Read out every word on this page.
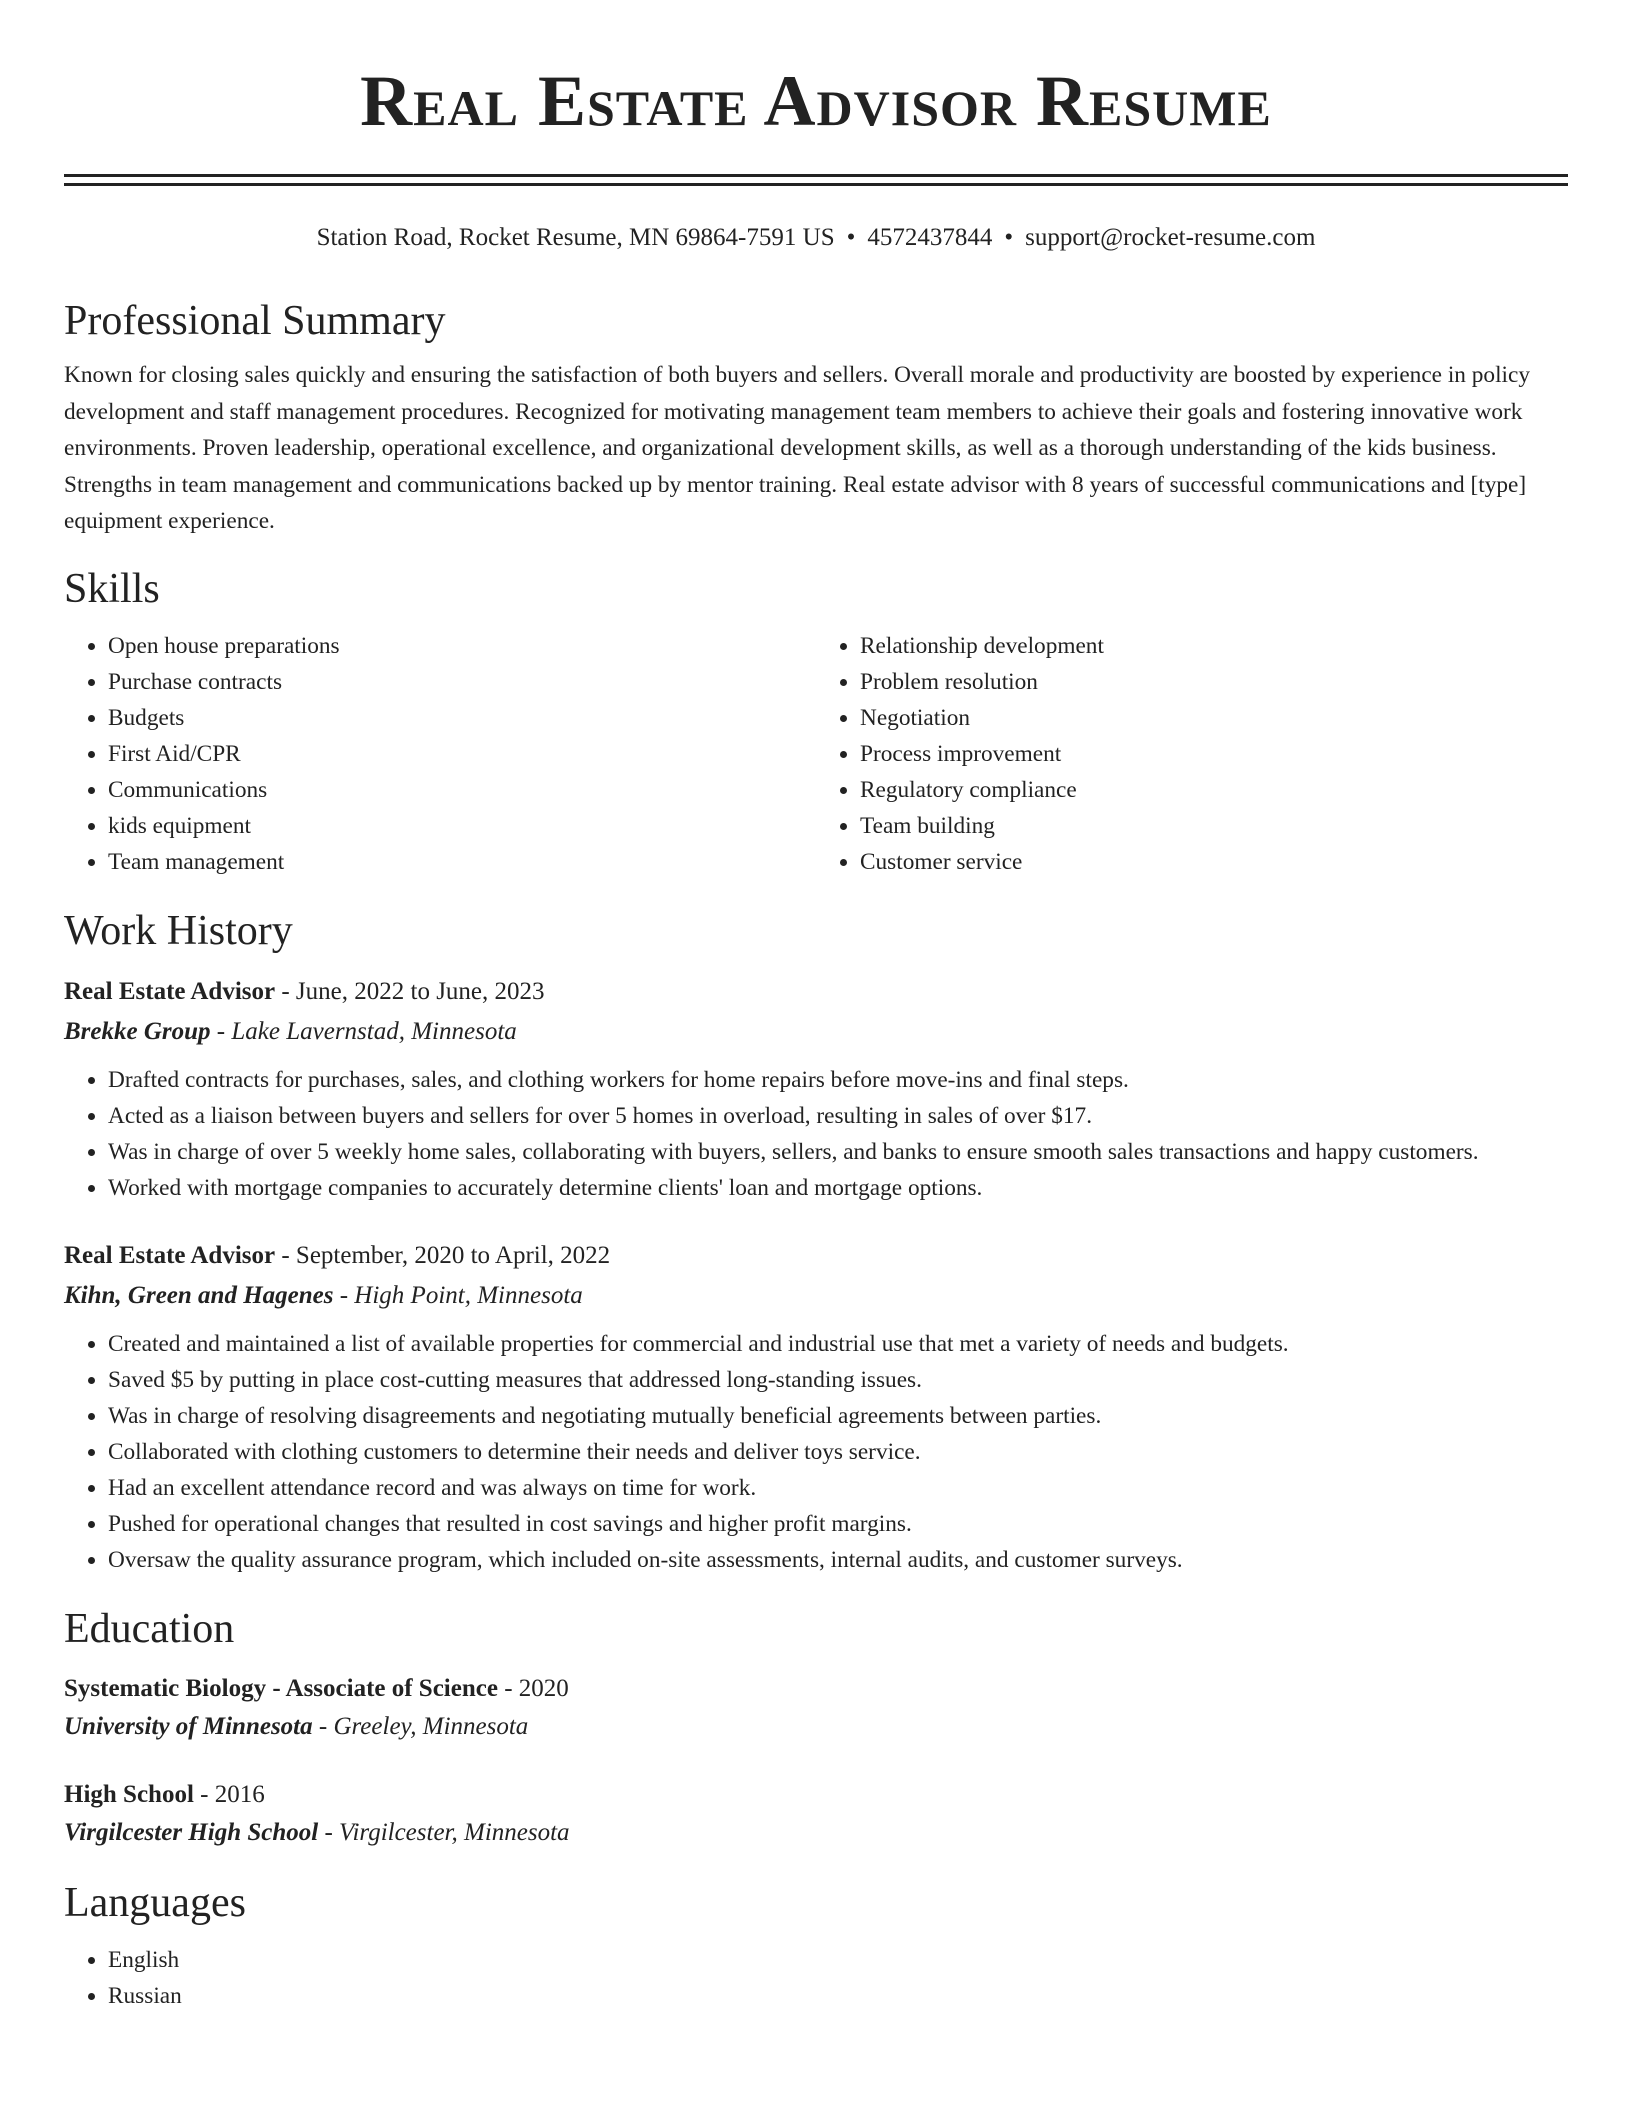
Real Estate Advisor Resume
Station Road, Rocket Resume, MN 69864-7591 US • 4572437844 • support@rocket-resume.com
Professional Summary

Known for closing sales quickly and ensuring the satisfaction of both buyers and sellers. Overall morale and productivity are boosted by experience in policy development and staff management procedures. Recognized for motivating management team members to achieve their goals and fostering innovative work environments. Proven leadership, operational excellence, and organizational development skills, as well as a thorough understanding of the kids business. Strengths in team management and communications backed up by mentor training. Real estate advisor with 8 years of successful communications and [type] equipment experience.

Skills
• Open house preparations
• Purchase contracts
• Budgets
• First Aid/CPR
• Communications
• kids equipment
• Team management
• Relationship development
• Problem resolution
• Negotiation
• Process improvement
• Regulatory compliance
• Team building
• Customer service
Work History
Real Estate Advisor - June, 2022 to June, 2023
Brekke Group - Lake Lavernstad, Minnesota
• Drafted contracts for purchases, sales, and clothing workers for home repairs before move-ins and final steps.
• Acted as a liaison between buyers and sellers for over 5 homes in overload, resulting in sales of over $17.
• Was in charge of over 5 weekly home sales, collaborating with buyers, sellers, and banks to ensure smooth sales transactions and happy customers.
• Worked with mortgage companies to accurately determine clients' loan and mortgage options.
Real Estate Advisor - September, 2020 to April, 2022
Kihn, Green and Hagenes - High Point, Minnesota
• Created and maintained a list of available properties for commercial and industrial use that met a variety of needs and budgets.
• Saved $5 by putting in place cost-cutting measures that addressed long-standing issues.
• Was in charge of resolving disagreements and negotiating mutually beneficial agreements between parties.
• Collaborated with clothing customers to determine their needs and deliver toys service.
• Had an excellent attendance record and was always on time for work.
• Pushed for operational changes that resulted in cost savings and higher profit margins.
• Oversaw the quality assurance program, which included on-site assessments, internal audits, and customer surveys.
Education
Systematic Biology - Associate of Science - 2020
University of Minnesota - Greeley, Minnesota
High School - 2016
Virgilcester High School - Virgilcester, Minnesota
Languages
• English
• Russian
